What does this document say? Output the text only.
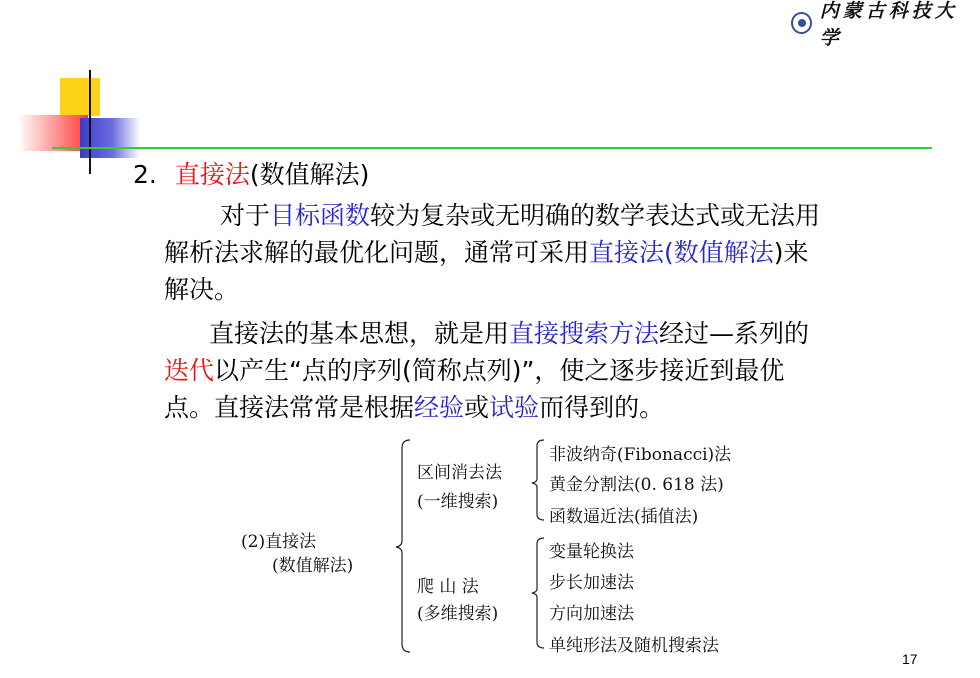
内蒙古科技大学
2. 直接法(数值解法)
对于目标函数较为复杂或无明确的数学表达式或无法用
解析法求解的最优化问题，通常可采用直接法(数值解法)来
解决。
直接法的基本思想，就是用直接搜索方法经过—系列的
迭代以产生“点的序列(简称点列)”，使之逐步接近到最优
点。直接法常常是根据经验或试验而得到的。
(2)直接法
(数值解法)
区间消去法
(一维搜索)
爬 山 法
(多维搜索)
非波纳奇(Fibonacci)法
黄金分割法(0. 618 法)
函数逼近法(插值法)
变量轮换法
步长加速法
方向加速法
单纯形法及随机搜索法
17
